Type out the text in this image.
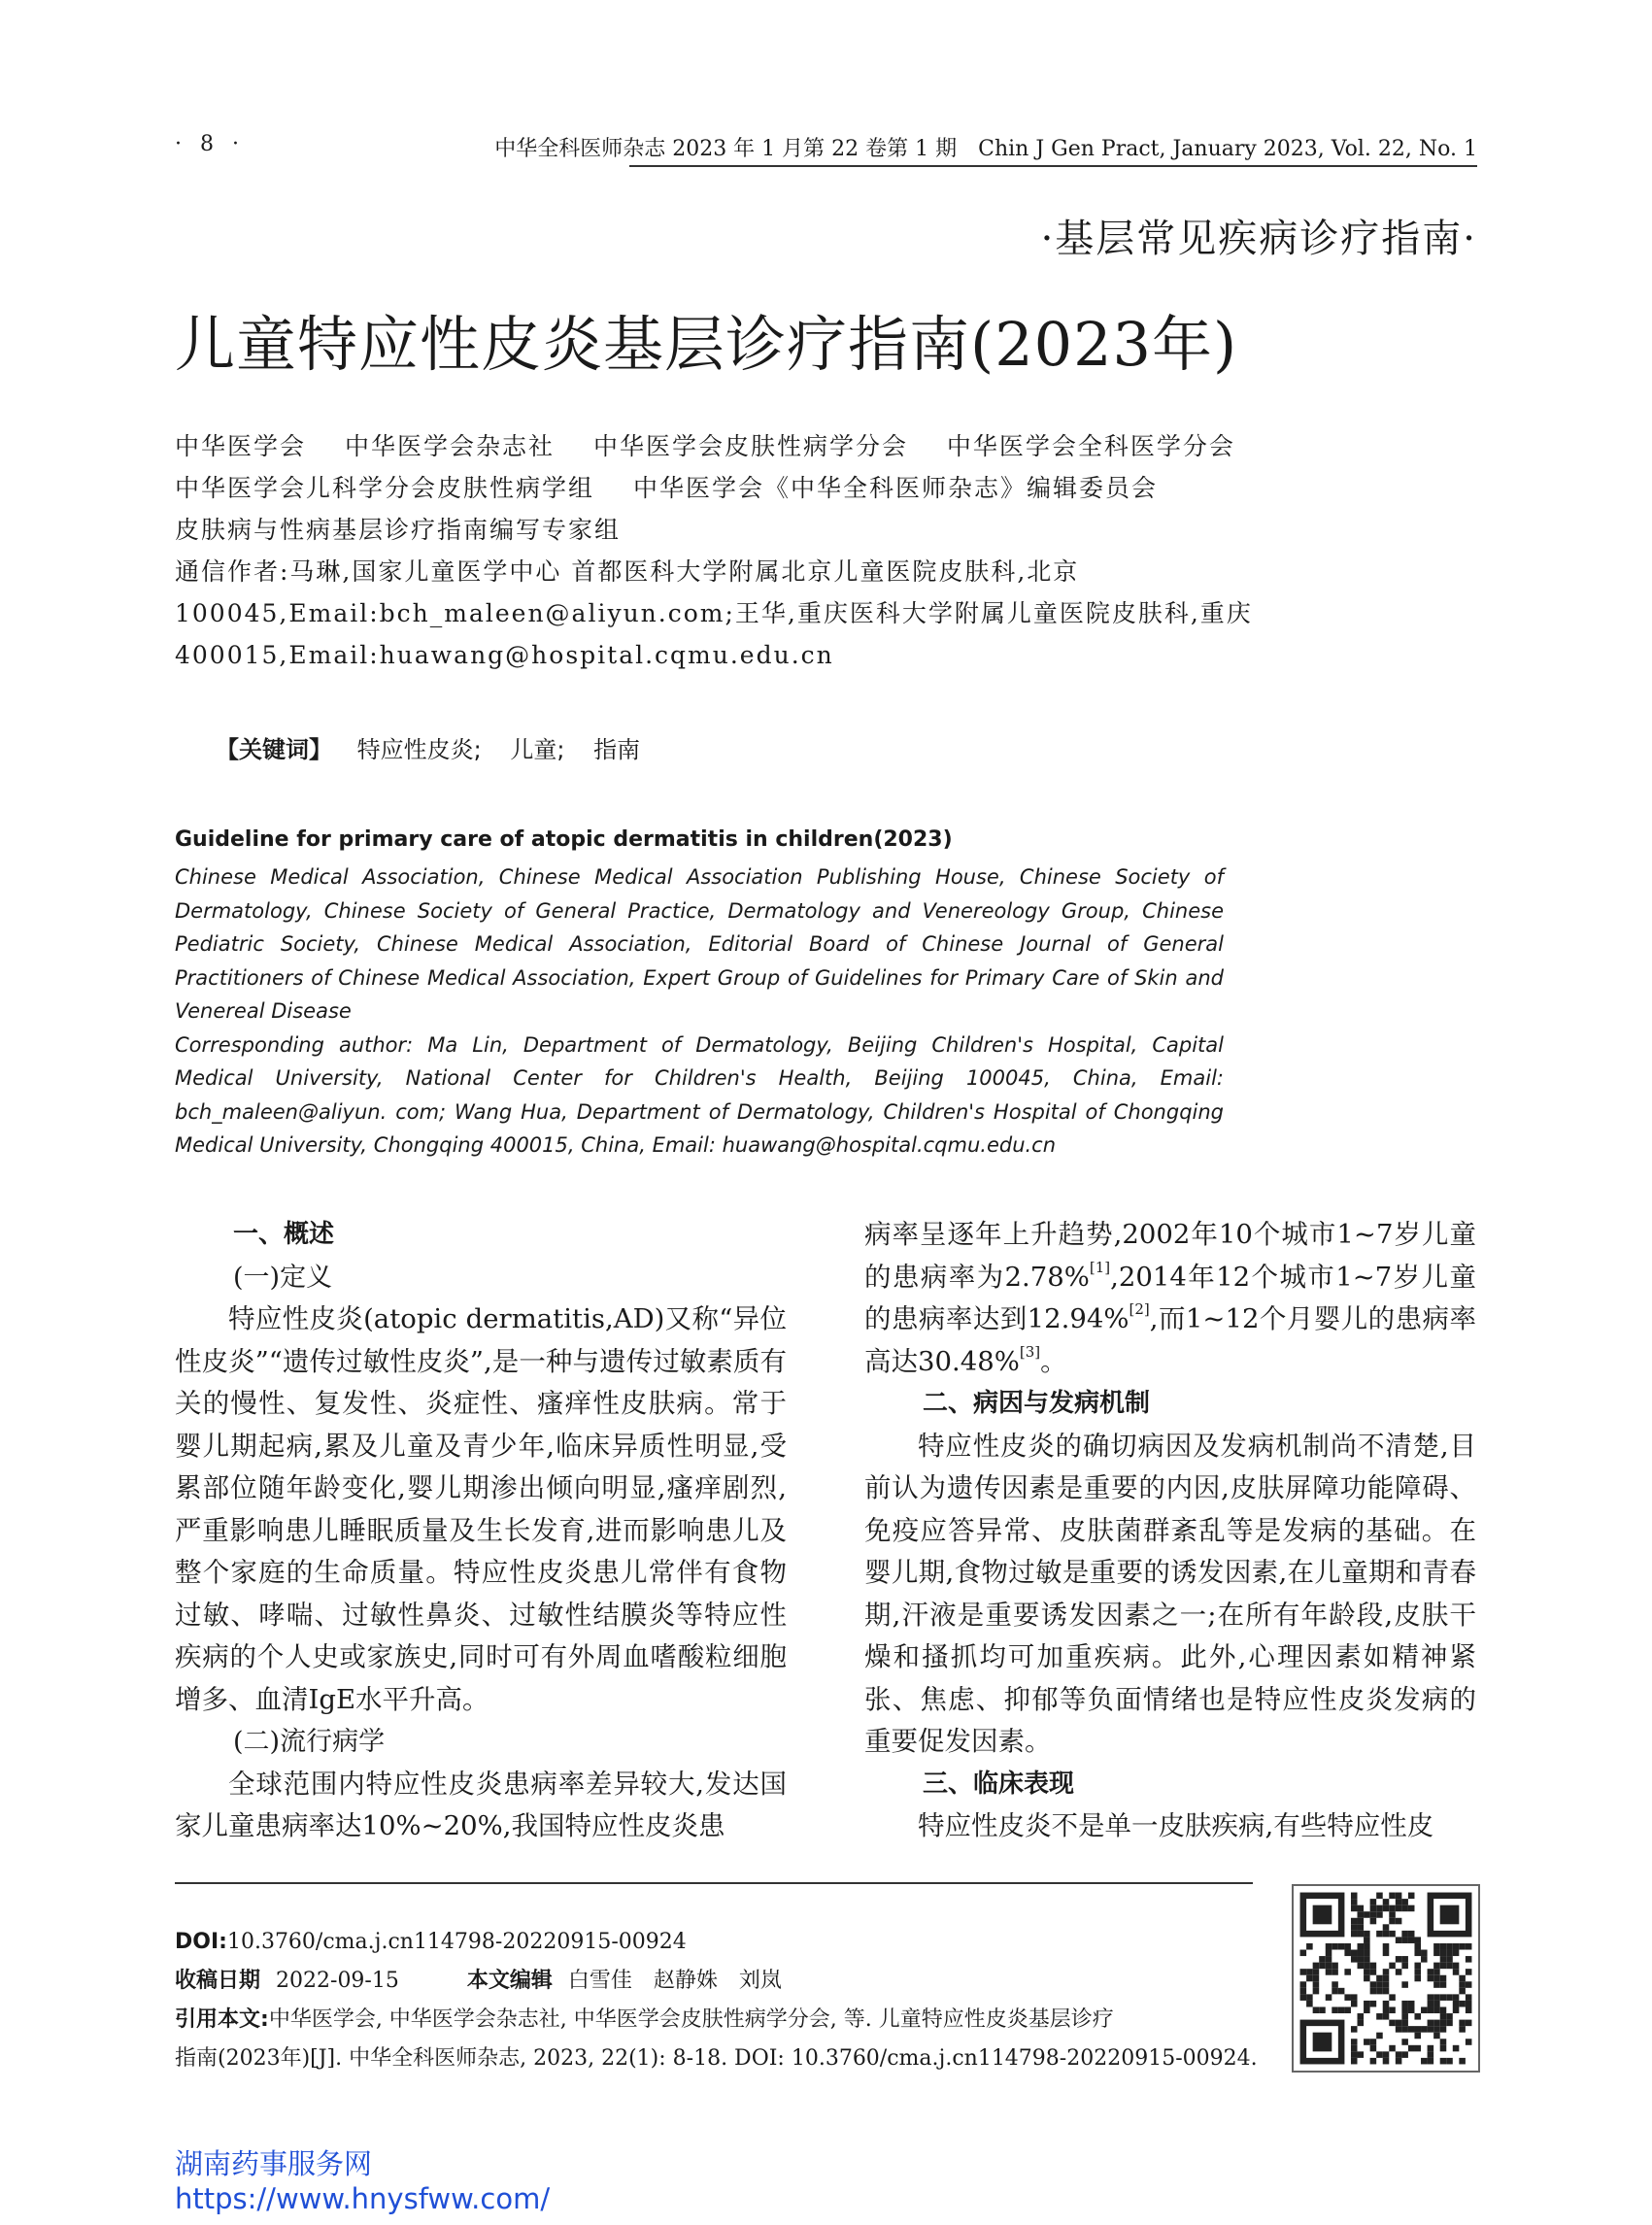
· 8 ·	中华全科医师杂志 2023 年 1 月第 22 卷第 1 期　Chin J Gen Pract, January 2023, Vol. 22, No. 1
·基层常见疾病诊疗指南·
儿童特应性皮炎基层诊疗指南(2023年)
中华医学会 中华医学会杂志社 中华医学会皮肤性病学分会 中华医学会全科医学分会
中华医学会儿科学分会皮肤性病学组 中华医学会《中华全科医师杂志》编辑委员会
皮肤病与性病基层诊疗指南编写专家组
通信作者:马琳,国家儿童医学中心 首都医科大学附属北京儿童医院皮肤科,北京
100045,Email:bch_maleen@aliyun.com;王华,重庆医科大学附属儿童医院皮肤科,重庆
400015,Email:huawang@hospital.cqmu.edu.cn
【关键词】 特应性皮炎; 儿童; 指南
Guideline for primary care of atopic dermatitis in children(2023)
Chinese Medical Association, Chinese Medical Association Publishing House, Chinese Society of
Dermatology, Chinese Society of General Practice, Dermatology and Venereology Group, Chinese
Pediatric Society, Chinese Medical Association, Editorial Board of Chinese Journal of General
Practitioners of Chinese Medical Association, Expert Group of Guidelines for Primary Care of Skin and
Venereal Disease
Corresponding author: Ma Lin, Department of Dermatology, Beijing Children's Hospital, Capital
Medical University, National Center for Children's Health, Beijing 100045, China, Email:
bch_maleen@aliyun. com; Wang Hua, Department of Dermatology, Children's Hospital of Chongqing
Medical University, Chongqing 400015, China, Email: huawang@hospital.cqmu.edu.cn
一、概述
(一)定义

特应性皮炎(atopic dermatitis,AD)又称“异位性皮炎”“遗传过敏性皮炎”,是一种与遗传过敏素质有关的慢性、复发性、炎症性、瘙痒性皮肤病。常于婴儿期起病,累及儿童及青少年,临床异质性明显,受累部位随年龄变化,婴儿期渗出倾向明显,瘙痒剧烈,严重影响患儿睡眠质量及生长发育,进而影响患儿及整个家庭的生命质量。特应性皮炎患儿常伴有食物过敏、哮喘、过敏性鼻炎、过敏性结膜炎等特应性疾病的个人史或家族史,同时可有外周血嗜酸粒细胞增多、血清IgE水平升高。

(二)流行病学

全球范围内特应性皮炎患病率差异较大,发达国家儿童患病率达10%~20%,我国特应性皮炎患

病率呈逐年上升趋势,2002年10个城市1~7岁儿童的患病率为2.78%[1],2014年12个城市1~7岁儿童的患病率达到12.94%[2],而1~12个月婴儿的患病率高达30.48%[3]。

二、病因与发病机制

特应性皮炎的确切病因及发病机制尚不清楚,目前认为遗传因素是重要的内因,皮肤屏障功能障碍、免疫应答异常、皮肤菌群紊乱等是发病的基础。在婴儿期,食物过敏是重要的诱发因素,在儿童期和青春期,汗液是重要诱发因素之一;在所有年龄段,皮肤干燥和搔抓均可加重疾病。此外,心理因素如精神紧张、焦虑、抑郁等负面情绪也是特应性皮炎发病的重要促发因素。

三、临床表现

特应性皮炎不是单一皮肤疾病,有些特应性皮

DOI:10.3760/cma.j.cn114798-20220915-00924
收稿日期 2022-09-15	本文编辑 白雪佳　赵静姝　刘岚
引用本文:中华医学会, 中华医学会杂志社, 中华医学会皮肤性病学分会, 等. 儿童特应性皮炎基层诊疗
指南(2023年)[J]. 中华全科医师杂志, 2023, 22(1): 8-18. DOI: 10.3760/cma.j.cn114798-20220915-00924.
湖南药事服务网
https://www.hnysfww.com/
